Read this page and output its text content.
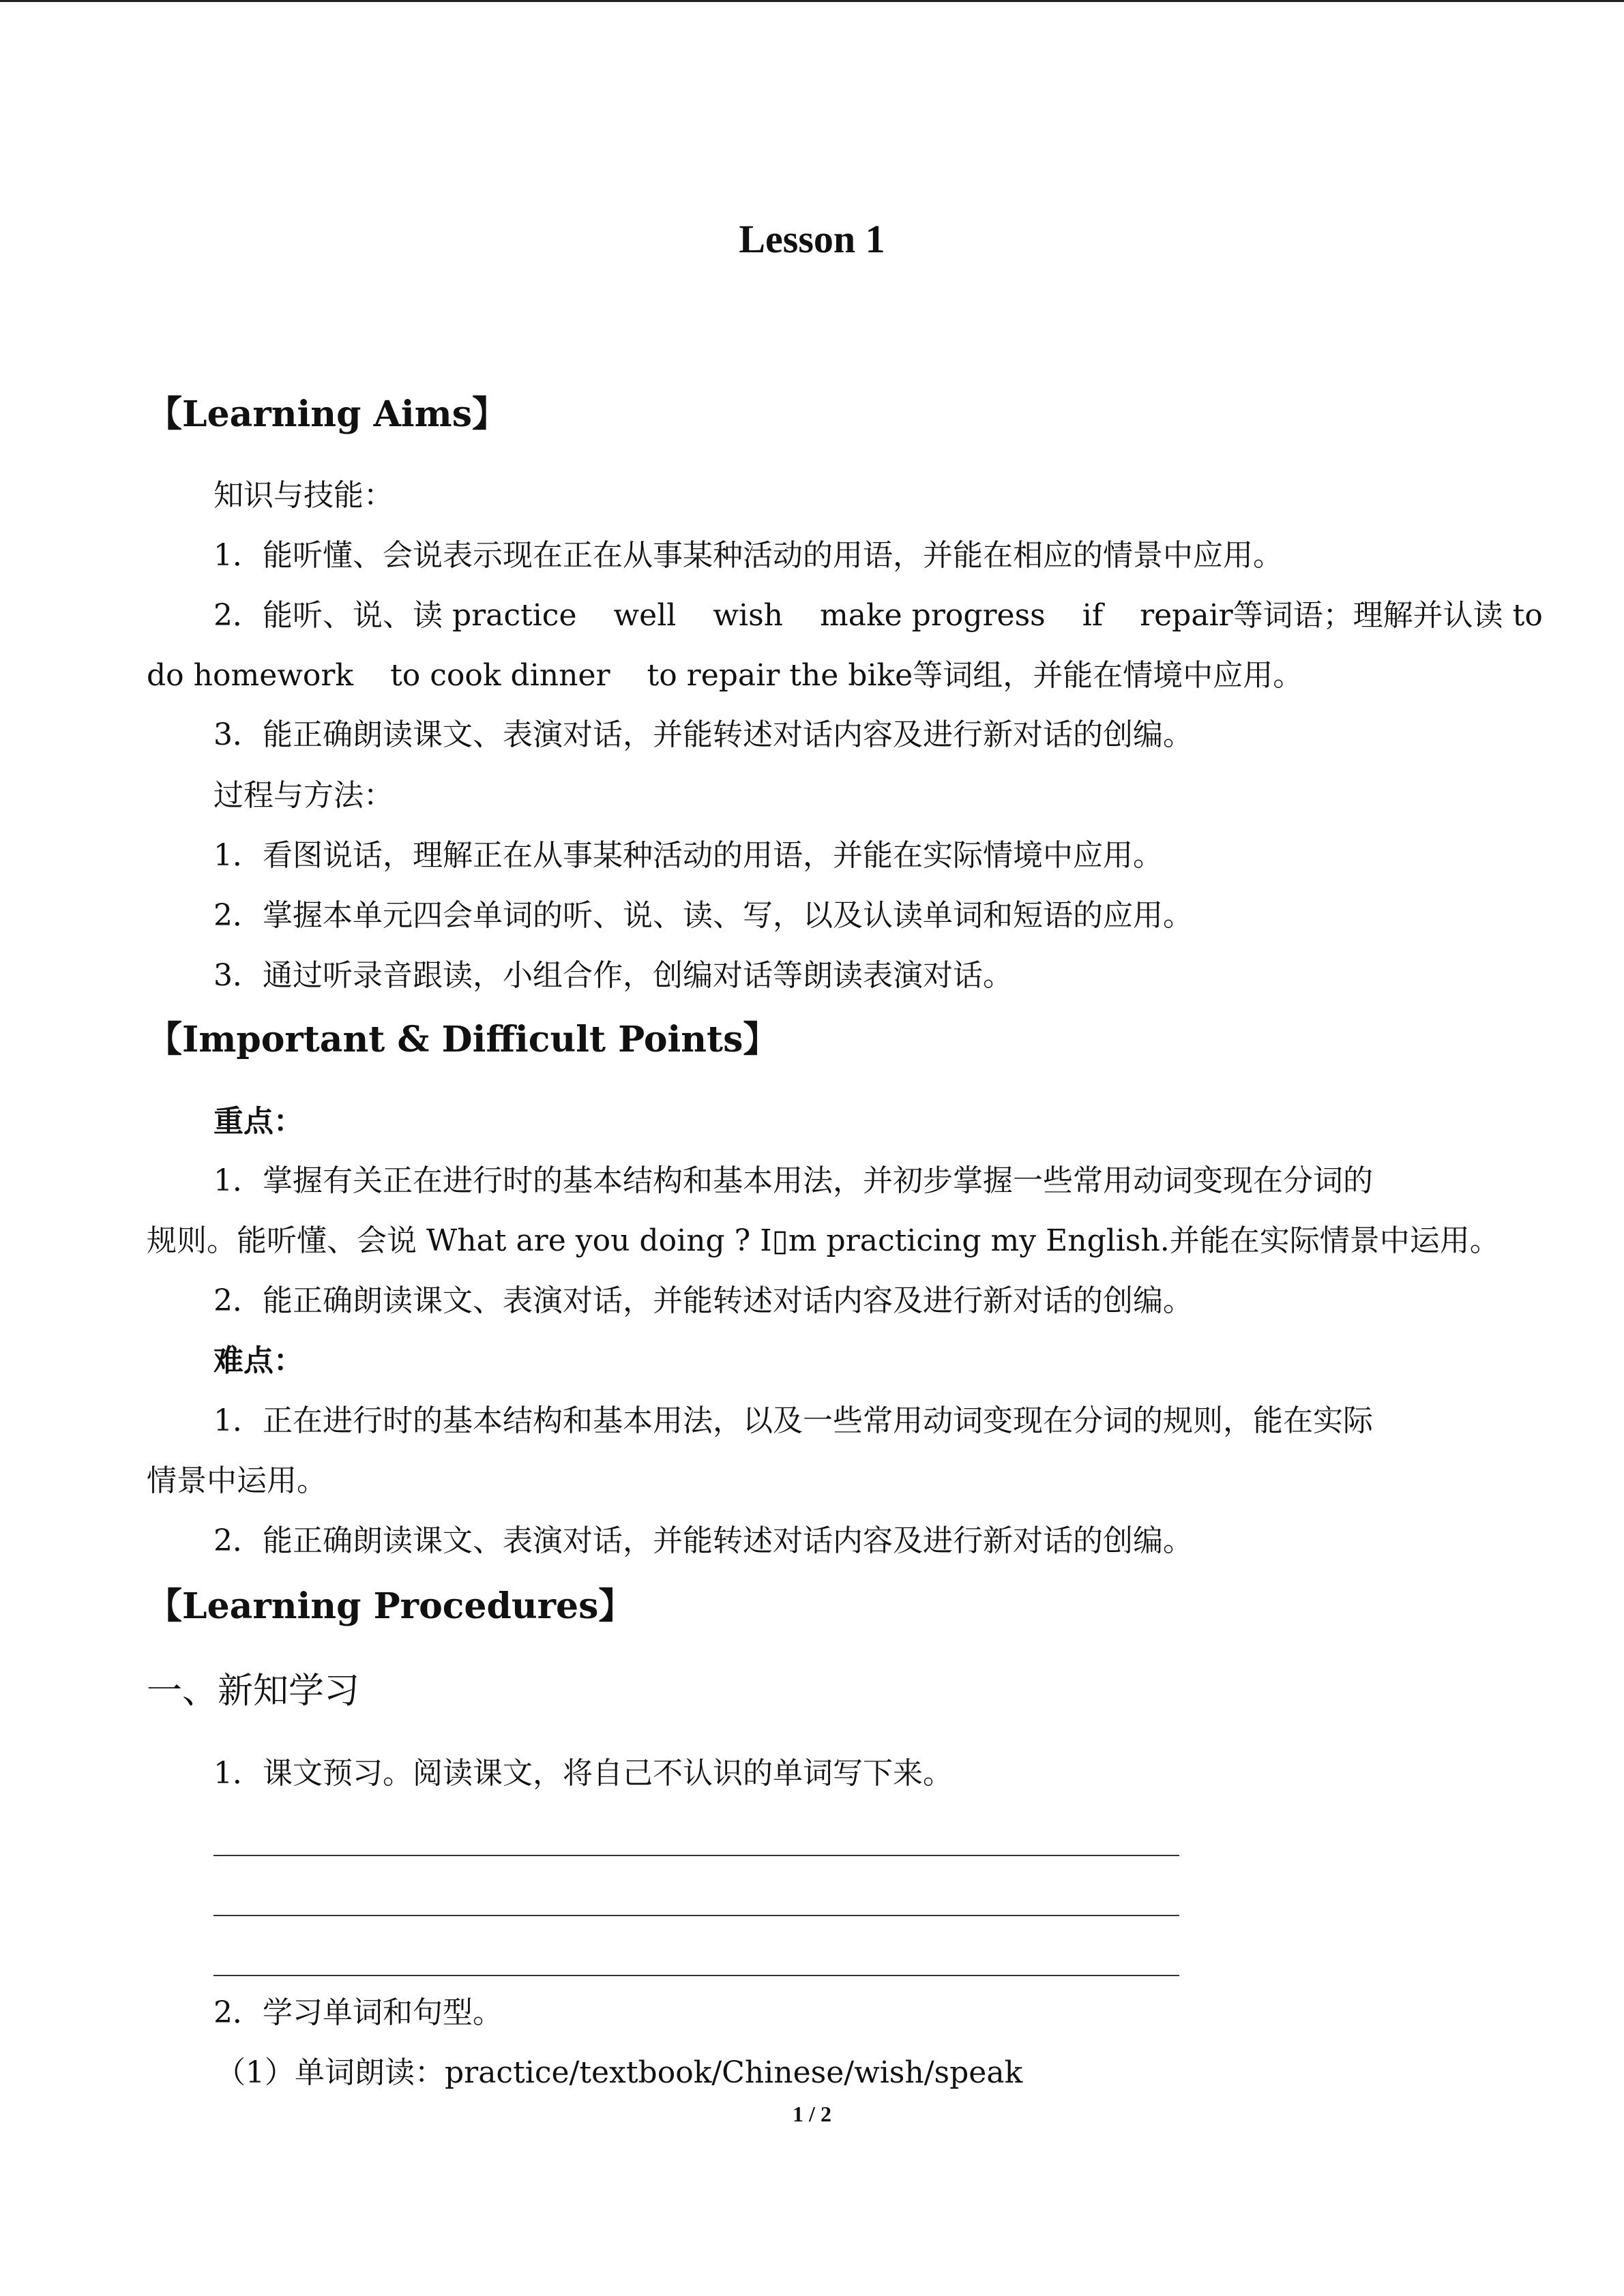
Lesson 1
【Learning Aims】
知识与技能：
1．能听懂、会说表示现在正在从事某种活动的用语，并能在相应的情景中应用。
2．能听、说、读 practice well wish make progress if repair等词语；理解并认读 to
do homework to cook dinner to repair the bike等词组，并能在情境中应用。
3．能正确朗读课文、表演对话，并能转述对话内容及进行新对话的创编。
过程与方法：
1．看图说话，理解正在从事某种活动的用语，并能在实际情境中应用。
2．掌握本单元四会单词的听、说、读、写，以及认读单词和短语的应用。
3．通过听录音跟读，小组合作，创编对话等朗读表演对话。
【Important & Difficult Points】
重点：
1．掌握有关正在进行时的基本结构和基本用法，并初步掌握一些常用动词变现在分词的
规则。能听懂、会说 What are you doing ? I▯m practicing my English.并能在实际情景中运用。
2．能正确朗读课文、表演对话，并能转述对话内容及进行新对话的创编。
难点：
1．正在进行时的基本结构和基本用法，以及一些常用动词变现在分词的规则，能在实际
情景中运用。
2．能正确朗读课文、表演对话，并能转述对话内容及进行新对话的创编。
【Learning Procedures】
一、新知学习
1．课文预习。阅读课文，将自己不认识的单词写下来。
2．学习单词和句型。
（1）单词朗读：practice/textbook/Chinese/wish/speak
1 / 2
